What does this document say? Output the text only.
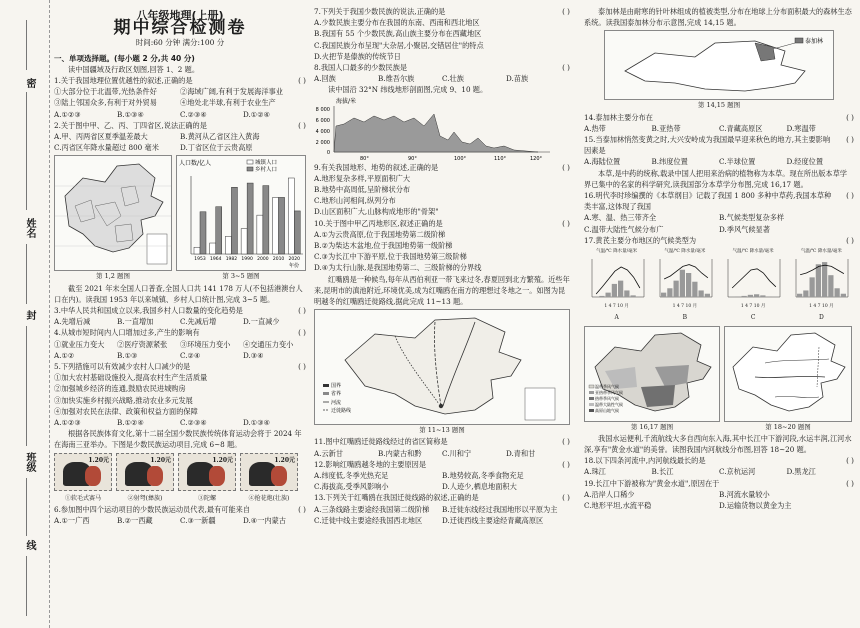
密
姓名
封
班级
线
八年级地理(上册)
期中综合检测卷
时间:60 分钟 满分:100 分
一、单项选择题。(每小题 2 分,共 40 分)
读中国疆域及行政区划图,回答 1、2 题。
1.关于我国地理位置优越性的叙述,正确的是	( )
①大部分位于北温带,光热条件好	②海域广阔,有利于发展海洋事业
③陆上邻国众多,有利于对外贸易	④地处北半球,有利于农业生产
A.①②③	B.①③④	C.②③④	D.①②④
2.关于图中甲、乙、丙、丁四省区,说法正确的是	( )
A.甲、丙两省区夏季温差最大	B.黄河从乙省区注入黄海
C.丙省区年降水量超过 800 毫米	D.丁省区位于云贵高原
第 1,2 题图
人口数/亿人	城镇人口
乡村人口
1953 1964 1982 1990 2000 2010 2020
年份
第 3~5 题图
截至 2021 年末全国人口普查,全国人口共 141 178 万人(不包括港澳台人口在内)。读我国 1953 年以来城镇、乡村人口统计图,完成 3~5 题。
3.中华人民共和国成立以来,我国乡村人口数量的变化趋势是	( )
A.先增后减	B.一直增加	C.先减后增	D.一直减少
4.从城市短时间内人口增加过多,产生的影响有	( )
①就业压力变大	②医疗资源紧张	③环境压力变小	④交通压力变小
A.①②	B.①③	C.②④	D.③④
5.下列措施可以有效减少农村人口减少的是	( )
①加大农村基础设施投入,提高农村生产生活质量
②加强城乡经济的连通,鼓励农民进城购房
③加快实施乡村振兴战略,推动农业多元发展
④加强对农民在法律、政策和权益方面的保障
A.①②③	B.①②④	C.②③④	D.①③④
根据各民族体育文化,第十二届全国少数民族传统体育运动会将于 2024 年在海南三亚举办。下图是少数民族运动项目,完成 6~8 题。
1.20元	1.20元	1.20元	1.20元
①软毛式赛马	②射弩(彝族)	③陀螺	④抢花炮(壮族)
6.参加图中四个运动项目的少数民族运动员代表,最有可能来自	( )
A.①一广西	B.②一西藏	C.③一新疆	D.④一内蒙古
7.下列关于我国少数民族的说法,正确的是	( )
A.少数民族主要分布在我国的东南、西南和西北地区
B.我国有 55 个少数民族,高山族主要分布在西藏地区
C.我国民族分布呈现"大杂居,小聚居,交错居住"的特点
D.火把节是傣族的传统节日
8.我国人口最多的少数民族是	( )
A.回族	B.维吾尔族	C.壮族	D.苗族
读中国沿 32°N 纬线地形剖面图,完成 9、10 题。
海拔/米
8 000
6 000
4 000
2 000
0
80°	90°	100°	110°	120°
9.有关我国地形、地势的叙述,正确的是	( )
A.地形复杂多样,平原面积广大
B.地势中高周低,呈阶梯状分布
C.地形山河相间,纵列分布
D.山区面积广大,山脉构成地形的"骨架"
10.关于图中甲乙丙地形区,叙述正确的是	( )
A.①为云贵高原,位于我国地势第二级阶梯
B.②为柴达木盆地,位于我国地势第一级阶梯
C.③为长江中下游平原,位于我国地势第三级阶梯
D.④为太行山脉,是我国地势第二、三级阶梯的分界线
红嘴鸥是一种候鸟,每年从西伯利亚一带飞来过冬,春夏回到北方繁殖。近些年来,昆明市的滇池附近,环境优美,成为红嘴鸥在南方的理想过冬地之一。如图为昆明越冬的红嘴鸥迁徙路线,据此完成 11~13 题。
国界
省界
河流
迁徙路线
第 11~13 题图
11.图中红嘴鸥迁徙路线经过的省区简称是	( )
A.云新甘	B.内蒙古和黔	C.川和宁	D.青和甘
12.影响红嘴鸥越冬地的主要原因是	( )
A.纬度低,冬季光热充足	B.地势较高,冬季食物充足
C.海拔高,受季风影响小	D.人迹少,栖息地面积大
13.下列关于红嘴鸥在我国迁徙线路的叙述,正确的是	( )
A.三条线路主要途经我国第二级阶梯	B.迁徙东线经过我国地形以平原为主
C.迁徙中线主要途经我国西北地区	D.迁徙西线主要途经青藏高原区
泰加林是由耐寒的针叶林组成的植被类型,分布在地球上分布面积最大的森林生态系统。读我国泰加林分布示意图,完成 14,15 题。
泰加林
第 14,15 题图
14.泰加林主要分布在	( )
A.热带	B.亚热带	C.青藏高原区	D.寒温带
15.当泰加林悄然变黄之时,大兴安岭成为我国最早迎来秋色的地方,其主要影响因素是
( )
A.海陆位置	B.纬度位置	C.半球位置	D.经度位置
本草,是中药的统称,载录中国人把用来治病的植物称为本草。现在所出版本草学界已集中的名家的科学研究,读我国部分本草学分布图,完成 16,17 题。
16.明代李时珍编撰的《本草纲目》记载了我国 1 800 多种中草药,我国本草种类丰富,这体现了我国
( )
A.寒、温、热三带齐全	B.气候类型复杂多样
C.温带大陆性气候分布广	D.季风气候显著
17.黄芪主要分布地区的气候类型为	( )
气温/℃ 降水量/毫米
1 4 7 10 月
A
气温/℃ 降水量/毫米
1 4 7 10 月
B
气温/℃ 降水量/毫米
1 4 7 10 月
C
气温/℃ 降水量/毫米
1 4 7 10 月
D
温带季风气候
亚热带季风气候
热带季风气候
温带大陆性气候
高原山地气候
第 16,17 题图	第 18~20 题图
我国水运便利,千流航线大多自西向东入海,其中长江中下游河段,水运丰润,江河水深,享有"黄金水道"的美誉。读图我国内河航线分布图,回答 18~20 题。
18.以下四条河流中,内河航线最长的是	( )
A.珠江	B.长江	C.京杭运河	D.黑龙江
19.长江中下游被称为"黄金水道",原因在于	( )
A.沿岸人口稀少	B.河流水量较小
C.地形平坦,水流平稳	D.运输货物以黄金为主
